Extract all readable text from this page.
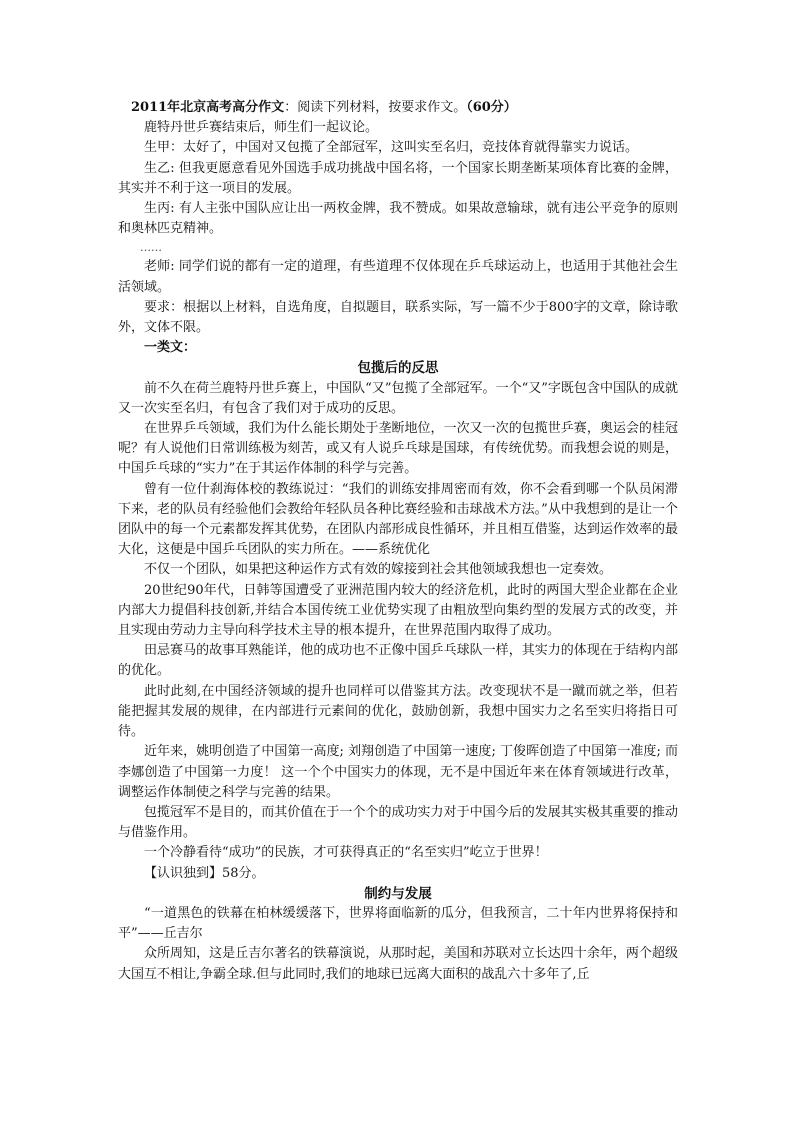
2011年北京高考高分作文：阅读下列材料，按要求作文。（60分）

鹿特丹世乒赛结束后，师生们一起议论。

生甲：太好了，中国对又包揽了全部冠军，这叫实至名归，竞技体育就得靠实力说话。

生乙: 但我更愿意看见外国选手成功挑战中国名将，一个国家长期垄断某项体育比赛的金牌，其实并不利于这一项目的发展。

生丙: 有人主张中国队应让出一两枚金牌，我不赞成。如果故意输球，就有违公平竞争的原则和奥林匹克精神。

……

老师: 同学们说的都有一定的道理，有些道理不仅体现在乒乓球运动上，也适用于其他社会生活领域。

要求：根据以上材料，自选角度，自拟题目，联系实际，写一篇不少于800字的文章，除诗歌外，文体不限。

一类文：

包揽后的反思

前不久在荷兰鹿特丹世乒赛上，中国队“又”包揽了全部冠军。一个“又”字既包含中国队的成就又一次实至名归，有包含了我们对于成功的反思。

在世界乒乓领域，我们为什么能长期处于垄断地位，一次又一次的包揽世乒赛，奥运会的桂冠呢？有人说他们日常训练极为刻苦，或又有人说乒乓球是国球，有传统优势。而我想会说的则是，中国乒乓球的“实力”在于其运作体制的科学与完善。

曾有一位什刹海体校的教练说过：“我们的训练安排周密而有效，你不会看到哪一个队员闲滞下来，老的队员有经验他们会教给年轻队员各种比赛经验和击球战术方法。”从中我想到的是让一个团队中的每一个元素都发挥其优势，在团队内部形成良性循环，并且相互借鉴，达到运作效率的最大化，这便是中国乒乓团队的实力所在。——系统优化

不仅一个团队，如果把这种运作方式有效的嫁接到社会其他领域我想也一定奏效。

20世纪90年代，日韩等国遭受了亚洲范围内较大的经济危机，此时的两国大型企业都在企业内部大力提倡科技创新,并结合本国传统工业优势实现了由粗放型向集约型的发展方式的改变，并且实现由劳动力主导向科学技术主导的根本提升，在世界范围内取得了成功。

田忌赛马的故事耳熟能详，他的成功也不正像中国乒乓球队一样，其实力的体现在于结构内部的优化。

此时此刻,在中国经济领域的提升也同样可以借鉴其方法。改变现状不是一蹴而就之举，但若能把握其发展的规律，在内部进行元素间的优化，鼓励创新，我想中国实力之名至实归将指日可待。

近年来，姚明创造了中国第一高度; 刘翔创造了中国第一速度; 丁俊晖创造了中国第一准度; 而李娜创造了中国第一力度！ 这一个个中国实力的体现，无不是中国近年来在体育领域进行改革，调整运作体制使之科学与完善的结果。

包揽冠军不是目的，而其价值在于一个个的成功实力对于中国今后的发展其实极其重要的推动与借鉴作用。

一个冷静看待“成功”的民族，才可获得真正的“名至实归”屹立于世界！

【认识独到】58分。

制约与发展

“一道黑色的铁幕在柏林缓缓落下，世界将面临新的瓜分，但我预言，二十年内世界将保持和平”——丘吉尔

众所周知，这是丘吉尔著名的铁幕演说，从那时起，美国和苏联对立长达四十余年，两个超级大国互不相让,争霸全球.但与此同时,我们的地球已远离大面积的战乱六十多年了,丘
